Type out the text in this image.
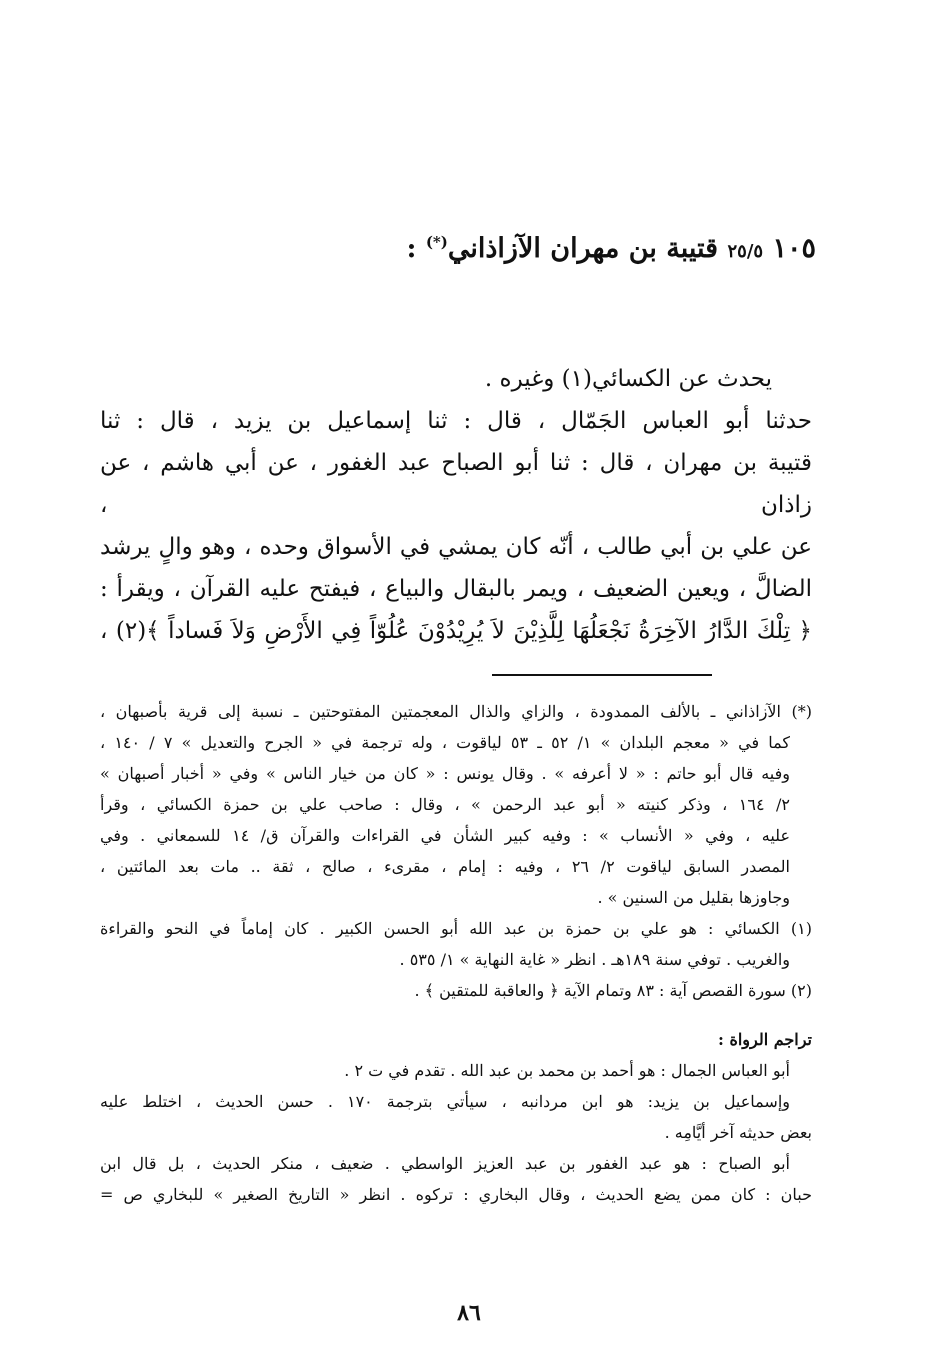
١٠٥ ٢٥/٥ قتيبة بن مهران الآزاذاني(*) :
يحدث عن الكسائي(١) وغيره .
حدثنا أبو العباس الجَمّال ، قال : ثنا إسماعيل بن يزيد ، قال : ثنا
قتيبة بن مهران ، قال : ثنا أبو الصباح عبد الغفور ، عن أبي هاشم ، عن زاذان ،
عن علي بن أبي طالب ، أنّه كان يمشي في الأسواق وحده ، وهو والٍ يرشد
الضالَّ ، ويعين الضعيف ، ويمر بالبقال والبياع ، فيفتح عليه القرآن ، ويقرأ :
﴿ تِلْكَ الدَّارُ الآخِرَةُ نَجْعَلُهَا لِلَّذِيْنَ لاَ يُرِيْدُوْنَ عُلُوّاً فِي الأَرْضِ وَلاَ فَساداً ﴾(٢) ،
(*) الآزاذاني ـ بالألف الممدودة ، والزاي والذال المعجمتين المفتوحتين ـ نسبة إلى قرية بأصبهان ،
كما في « معجم البلدان » ١/ ٥٢ ـ ٥٣ لياقوت ، وله ترجمة في « الجرح والتعديل » ٧ / ١٤٠ ،
وفيه قال أبو حاتم : « لا أعرفه » . وقال يونس : « كان من خيار الناس » وفي « أخبار أصبهان »
٢/ ١٦٤ ، وذكر كنيته « أبو عبد الرحمن » ، وقال : صاحب علي بن حمزة الكسائي ، وقرأ
عليه ، وفي « الأنساب » : وفيه كبير الشأن في القراءات والقرآن ق/ ١٤ للسمعاني . وفي
المصدر السابق لياقوت ٢/ ٢٦ ، وفيه : إمام ، مقرىء ، صالح ، ثقة .. مات بعد المائتين ،
وجاوزها بقليل من السنين » .
(١) الكسائي : هو علي بن حمزة بن عبد الله أبو الحسن الكبير . كان إماماً في النحو والقراءة
والغريب . توفي سنة ١٨٩هـ . انظر « غاية النهاية » ١/ ٥٣٥ .
(٢) سورة القصص آية : ٨٣ وتمام الآية ﴿ والعاقبة للمتقين ﴾ .
تراجم الرواة :
أبو العباس الجمال : هو أحمد بن محمد بن عبد الله . تقدم في ت ٢ .
وإسماعيل بن يزيد: هو ابن مردانبه ، سيأتي بترجمة ١٧٠ . حسن الحديث ، اختلط عليه
بعض حديثه آخر أيَّامِه .
أبو الصباح : هو عبد الغفور بن عبد العزيز الواسطي . ضعيف ، منكر الحديث ، بل قال ابن
حبان : كان ممن يضع الحديث ، وقال البخاري : تركوه . انظر « التاريخ الصغير » للبخاري ص =
٨٦
